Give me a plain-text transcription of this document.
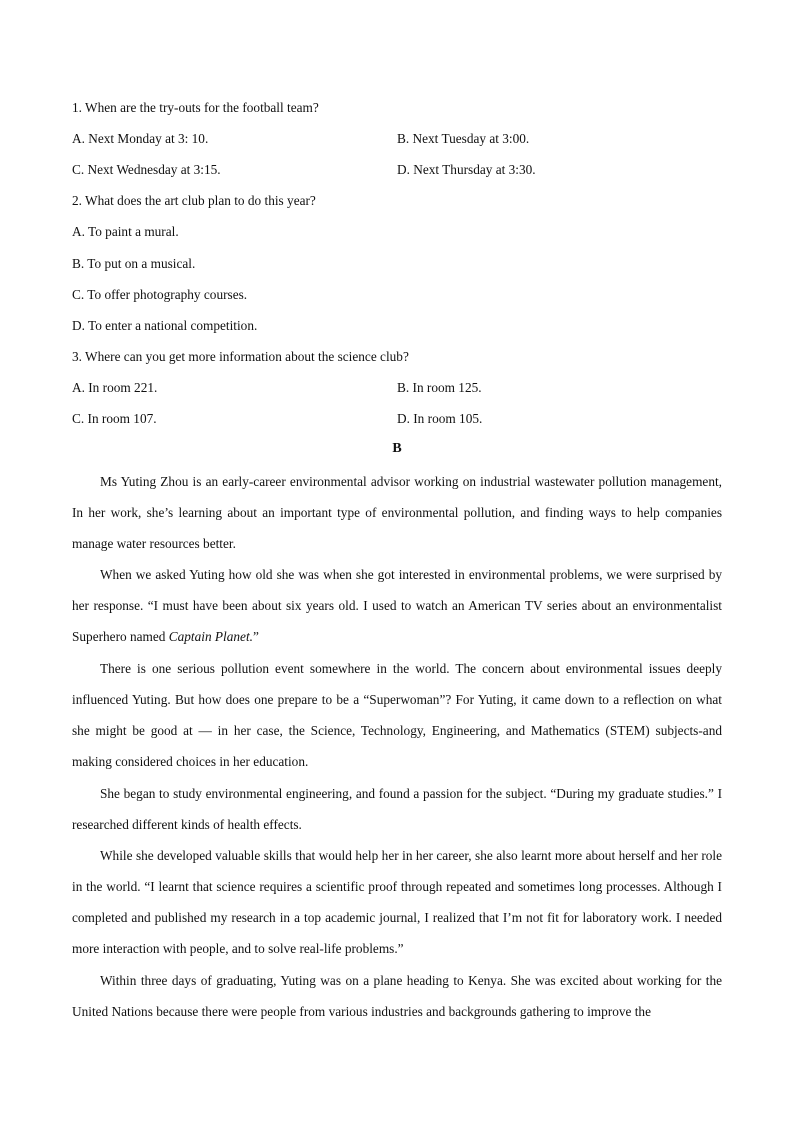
1. When are the try-outs for the football team?
A. Next Monday at 3: 10.	B. Next Tuesday at 3:00.
C. Next Wednesday at 3:15.	D. Next Thursday at 3:30.
2. What does the art club plan to do this year?
A. To paint a mural.
B. To put on a musical.
C. To offer photography courses.
D. To enter a national competition.
3. Where can you get more information about the science club?
A. In room 221.	B. In room 125.
C. In room 107.	D. In room 105.
B
Ms Yuting Zhou is an early-career environmental advisor working on industrial wastewater pollution management, In her work, she’s learning about an important type of environmental pollution, and finding ways to help companies manage water resources better.
When we asked Yuting how old she was when she got interested in environmental problems, we were surprised by her response. “I must have been about six years old. I used to watch an American TV series about an environmentalist Superhero named Captain Planet.”
There is one serious pollution event somewhere in the world. The concern about environmental issues deeply influenced Yuting. But how does one prepare to be a “Superwoman”? For Yuting, it came down to a reflection on what she might be good at — in her case, the Science, Technology, Engineering, and Mathematics (STEM) subjects-and making considered choices in her education.
She began to study environmental engineering, and found a passion for the subject. “During my graduate studies.” I researched different kinds of health effects.
While she developed valuable skills that would help her in her career, she also learnt more about herself and her role in the world. “I learnt that science requires a scientific proof through repeated and sometimes long processes. Although I completed and published my research in a top academic journal, I realized that I’m not fit for laboratory work. I needed more interaction with people, and to solve real-life problems.”
Within three days of graduating, Yuting was on a plane heading to Kenya. She was excited about working for the United Nations because there were people from various industries and backgrounds gathering to improve the
